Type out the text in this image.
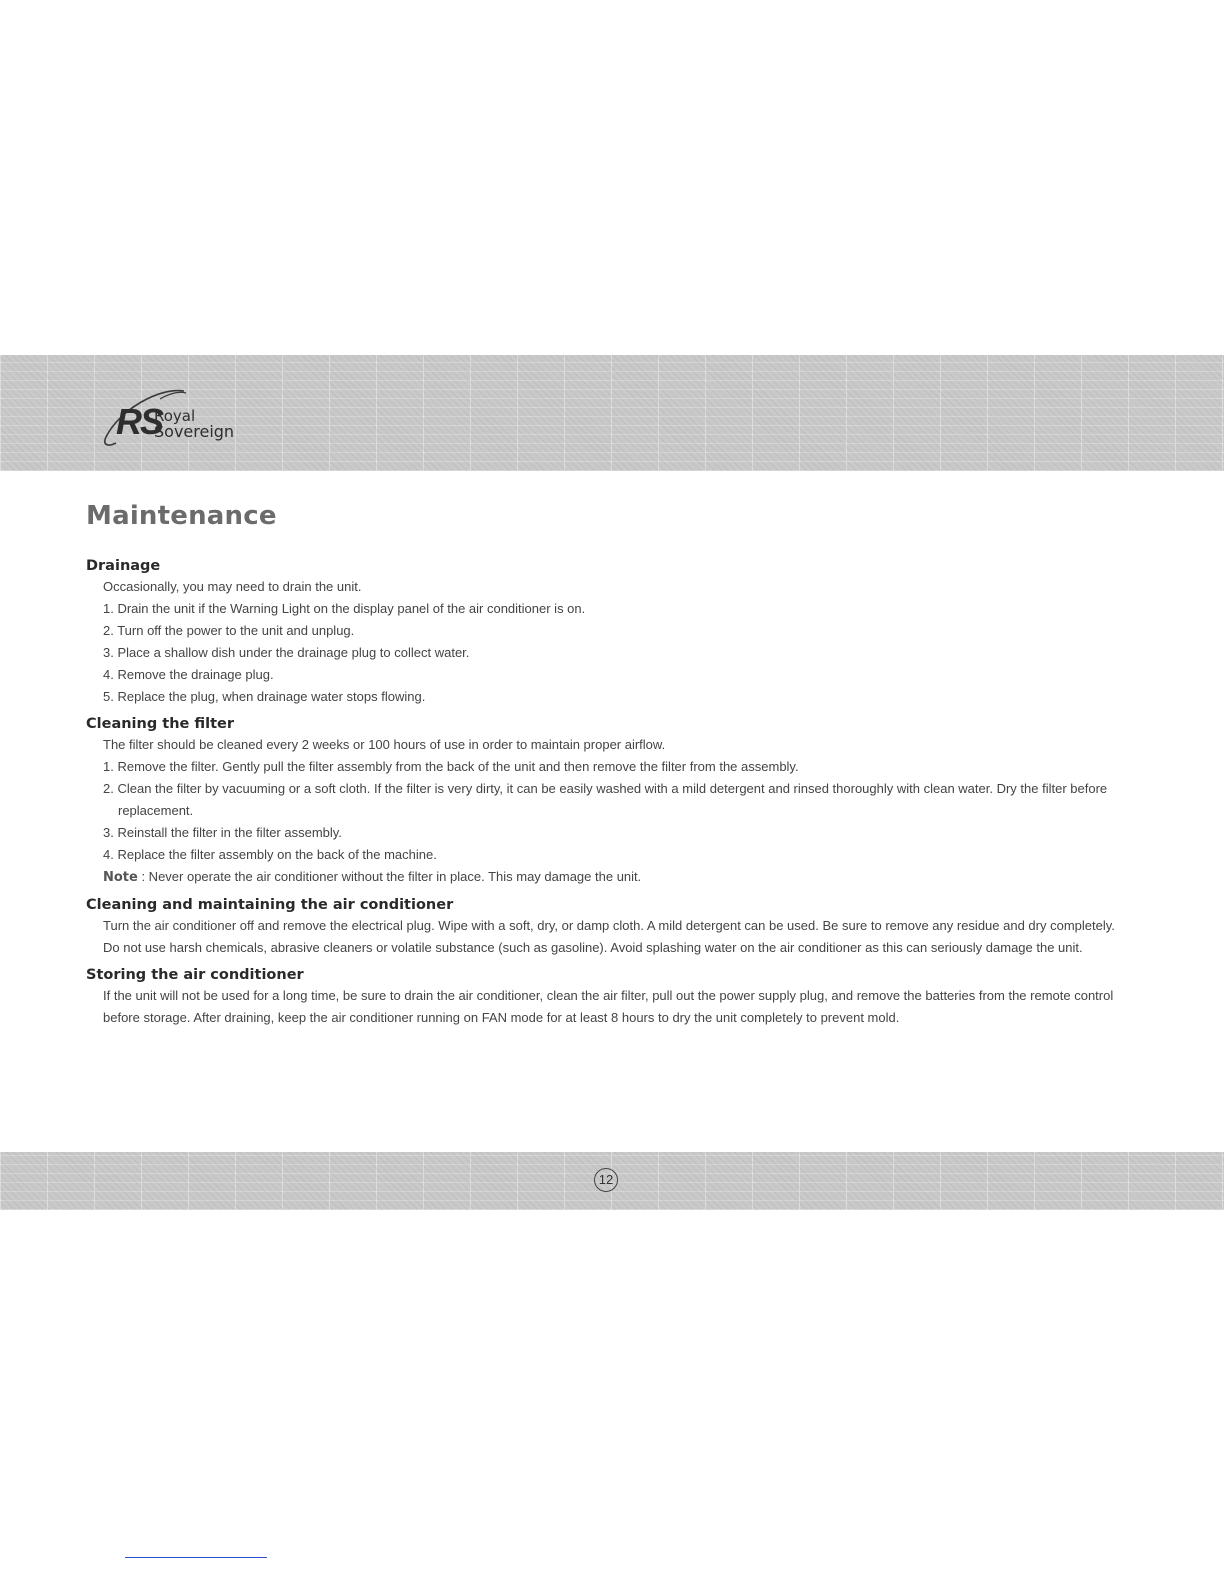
RS
Royal
Sovereign
Maintenance

Drainage

Occasionally, you may need to drain the unit.

1. Drain the unit if the Warning Light on the display panel of the air conditioner is on.

2. Turn off the power to the unit and unplug.

3. Place a shallow dish under the drainage plug to collect water.

4. Remove the drainage plug.

5. Replace the plug, when drainage water stops flowing.

Cleaning the filter

The filter should be cleaned every 2 weeks or 100 hours of use in order to maintain proper airflow.

1. Remove the filter. Gently pull the filter assembly from the back of the unit and then remove the filter from the assembly.

2. Clean the filter by vacuuming or a soft cloth. If the filter is very dirty, it can be easily washed with a mild detergent and rinsed thoroughly with clean water. Dry the filter before

replacement.

3. Reinstall the filter in the filter assembly.

4. Replace the filter assembly on the back of the machine.

Note : Never operate the air conditioner without the filter in place. This may damage the unit.

Cleaning and maintaining the air conditioner

Turn the air conditioner off and remove the electrical plug. Wipe with a soft, dry, or damp cloth. A mild detergent can be used. Be sure to remove any residue and dry completely.

Do not use harsh chemicals, abrasive cleaners or volatile substance (such as gasoline). Avoid splashing water on the air conditioner as this can seriously damage the unit.

Storing the air conditioner

If the unit will not be used for a long time, be sure to drain the air conditioner, clean the air filter, pull out the power supply plug, and remove the batteries from the remote control

before storage. After draining, keep the air conditioner running on FAN mode for at least 8 hours to dry the unit completely to prevent mold.

12
